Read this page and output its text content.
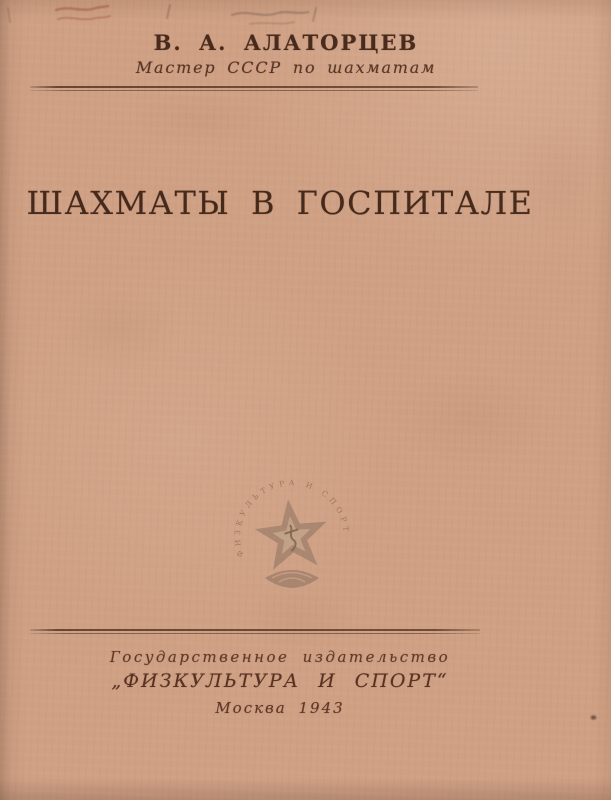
В. А. АЛАТОРЦЕВ
Мастер СССР по шахматам
ШАХМАТЫ В ГОСПИТАЛЕ
ФИЗКУЛЬТУРА И СПОРТ
Государственное издательство
„ФИЗКУЛЬТУРА И СПОРТ“
Москва 1943
